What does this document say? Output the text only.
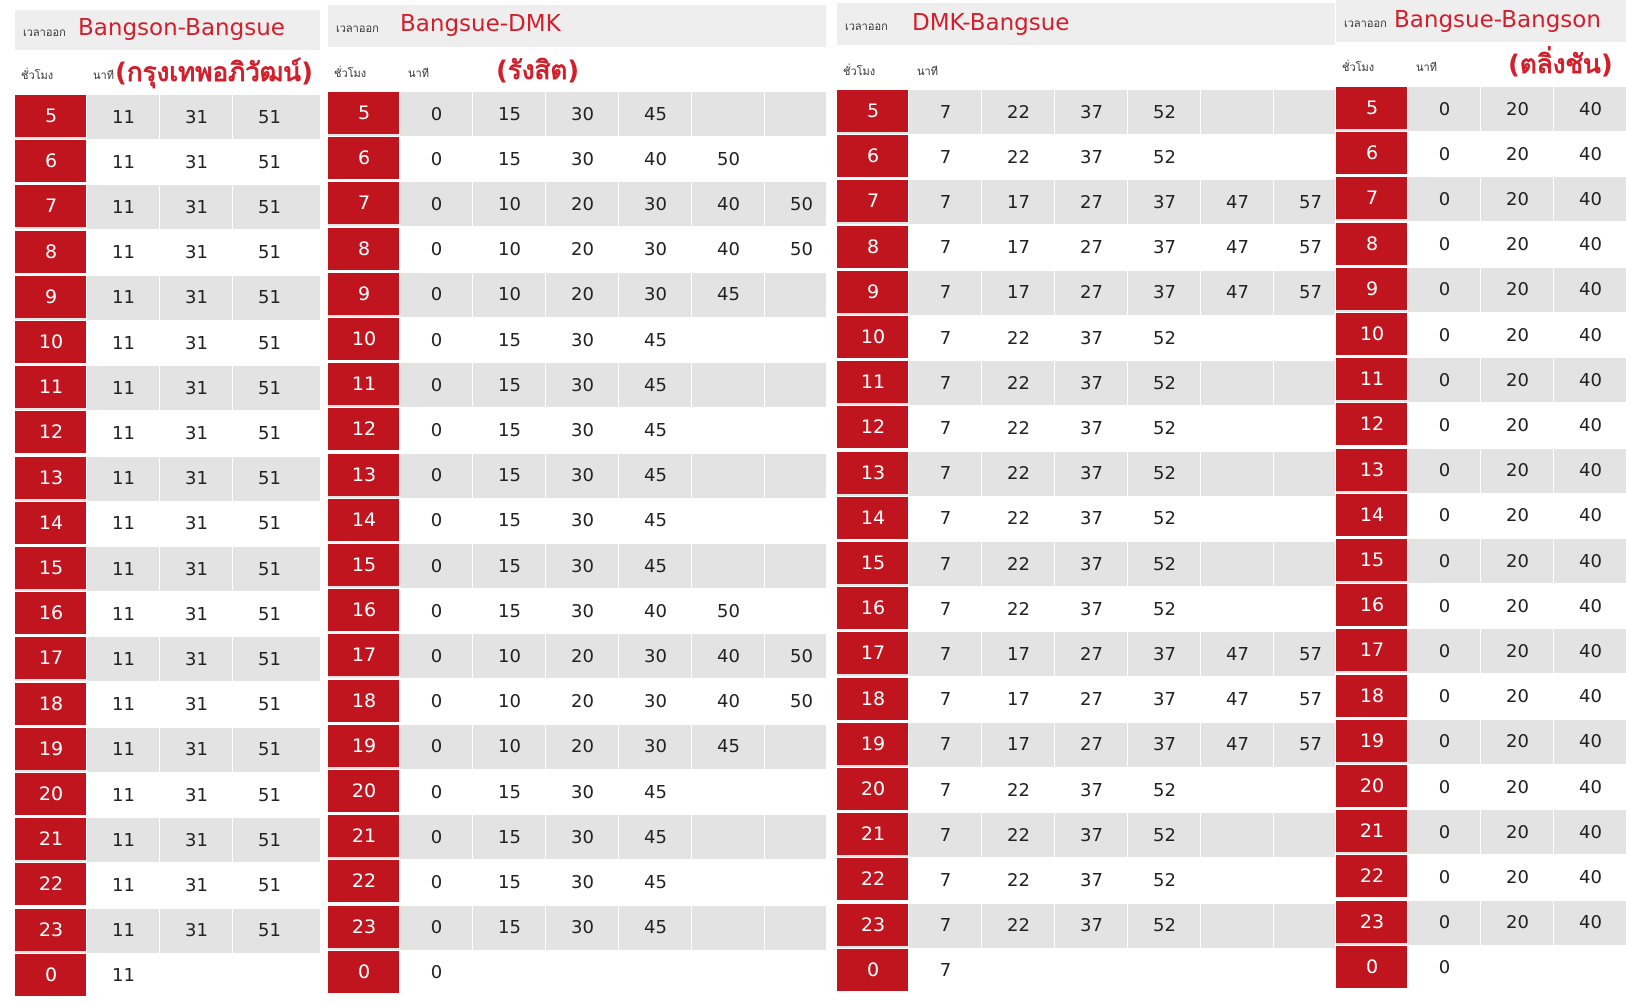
เวลาออก Bangson-Bangsue
ชั่วโมง	นาที (กรุงเทพอภิวัฒน์)
5	11	31	51
6	11	31	51
7	11	31	51
8	11	31	51
9	11	31	51
10	11	31	51
11	11	31	51
12	11	31	51
13	11	31	51
14	11	31	51
15	11	31	51
16	11	31	51
17	11	31	51
18	11	31	51
19	11	31	51
20	11	31	51
21	11	31	51
22	11	31	51
23	11	31	51
0	11
เวลาออก Bangsue-DMK
ชั่วโมง	นาที	(รังสิต)
5	0	15	30	45
6	0	15	30	40	50
7	0	10	20	30	40	50
8	0	10	20	30	40	50
9	0	10	20	30	45
10	0	15	30	45
11	0	15	30	45
12	0	15	30	45
13	0	15	30	45
14	0	15	30	45
15	0	15	30	45
16	0	15	30	40	50
17	0	10	20	30	40	50
18	0	10	20	30	40	50
19	0	10	20	30	45
20	0	15	30	45
21	0	15	30	45
22	0	15	30	45
23	0	15	30	45
0	0
เวลาออก DMK-Bangsue
ชั่วโมง	นาที
5	7	22	37	52
6	7	22	37	52
7	7	17	27	37	47	57
8	7	17	27	37	47	57
9	7	17	27	37	47	57
10	7	22	37	52
11	7	22	37	52
12	7	22	37	52
13	7	22	37	52
14	7	22	37	52
15	7	22	37	52
16	7	22	37	52
17	7	17	27	37	47	57
18	7	17	27	37	47	57
19	7	17	27	37	47	57
20	7	22	37	52
21	7	22	37	52
22	7	22	37	52
23	7	22	37	52
0	7
เวลาออก Bangsue-Bangson
ชั่วโมง	นาที	(ตลิ่งชัน)
5	0	20	40
6	0	20	40
7	0	20	40
8	0	20	40
9	0	20	40
10	0	20	40
11	0	20	40
12	0	20	40
13	0	20	40
14	0	20	40
15	0	20	40
16	0	20	40
17	0	20	40
18	0	20	40
19	0	20	40
20	0	20	40
21	0	20	40
22	0	20	40
23	0	20	40
0	0
